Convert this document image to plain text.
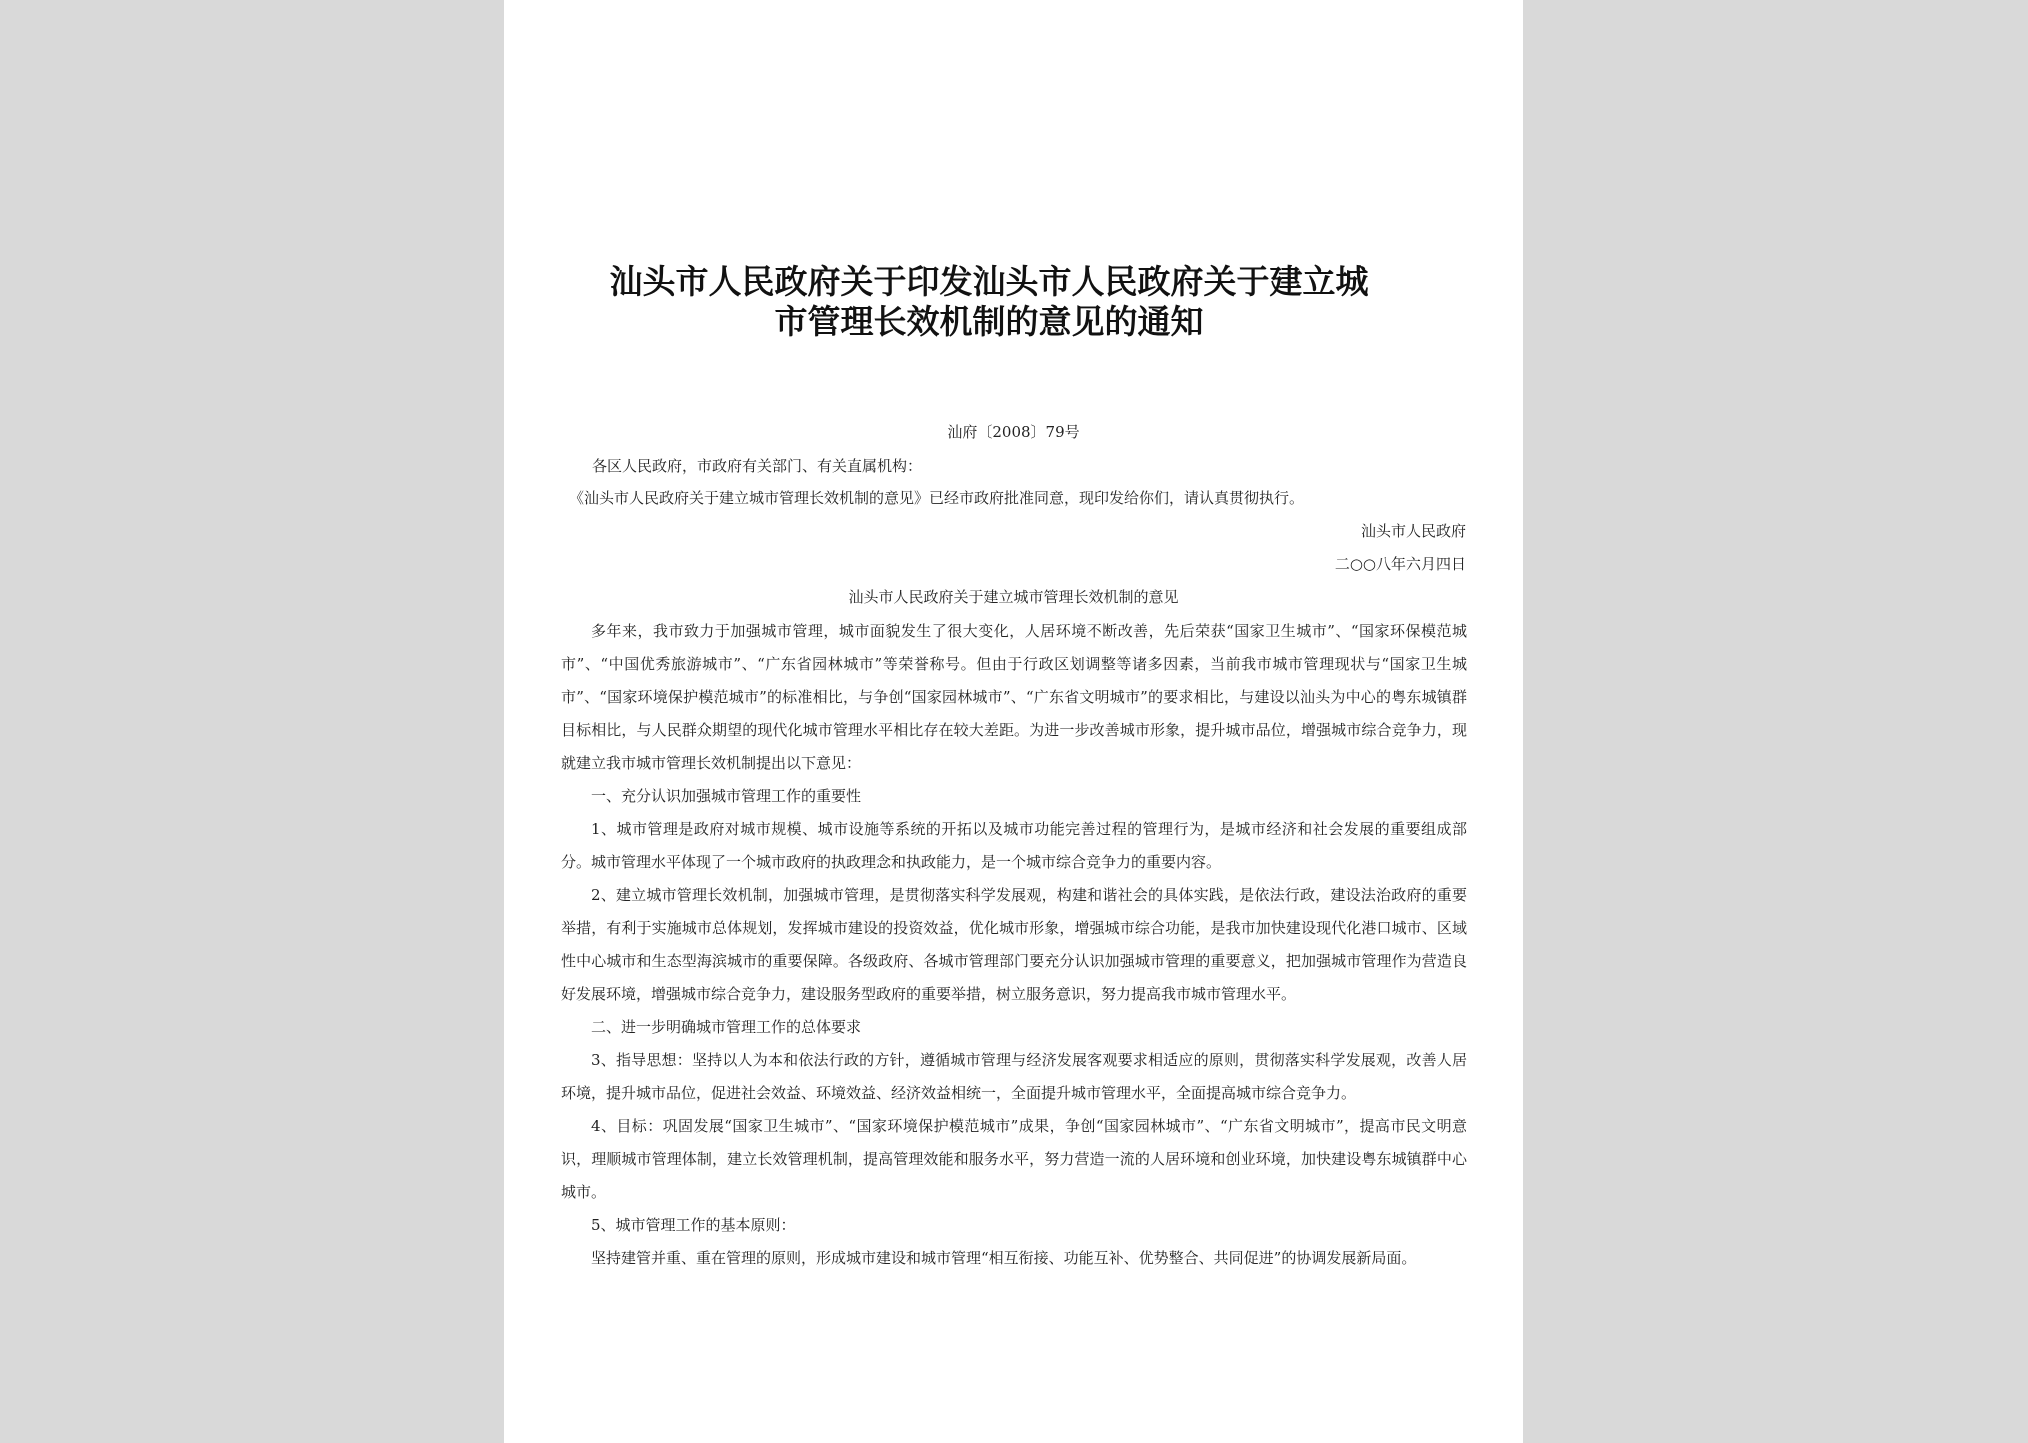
汕头市人民政府关于印发汕头市人民政府关于建立城市管理长效机制的意见的通知
汕府〔2008〕79号
各区人民政府，市政府有关部门、有关直属机构：
《汕头市人民政府关于建立城市管理长效机制的意见》已经市政府批准同意，现印发给你们，请认真贯彻执行。
汕头市人民政府
二○○八年六月四日
汕头市人民政府关于建立城市管理长效机制的意见

多年来，我市致力于加强城市管理，城市面貌发生了很大变化，人居环境不断改善，先后荣获“国家卫生城市”、“国家环保模范城市”、“中国优秀旅游城市”、“广东省园林城市”等荣誉称号。但由于行政区划调整等诸多因素，当前我市城市管理现状与“国家卫生城市”、“国家环境保护模范城市”的标准相比，与争创“国家园林城市”、“广东省文明城市”的要求相比，与建设以汕头为中心的粤东城镇群目标相比，与人民群众期望的现代化城市管理水平相比存在较大差距。为进一步改善城市形象，提升城市品位，增强城市综合竞争力，现就建立我市城市管理长效机制提出以下意见：

一、充分认识加强城市管理工作的重要性

1、城市管理是政府对城市规模、城市设施等系统的开拓以及城市功能完善过程的管理行为，是城市经济和社会发展的重要组成部分。城市管理水平体现了一个城市政府的执政理念和执政能力，是一个城市综合竞争力的重要内容。

2、建立城市管理长效机制，加强城市管理，是贯彻落实科学发展观，构建和谐社会的具体实践，是依法行政，建设法治政府的重要举措，有利于实施城市总体规划，发挥城市建设的投资效益，优化城市形象，增强城市综合功能，是我市加快建设现代化港口城市、区域性中心城市和生态型海滨城市的重要保障。各级政府、各城市管理部门要充分认识加强城市管理的重要意义，把加强城市管理作为营造良好发展环境，增强城市综合竞争力，建设服务型政府的重要举措，树立服务意识，努力提高我市城市管理水平。

二、进一步明确城市管理工作的总体要求

3、指导思想：坚持以人为本和依法行政的方针，遵循城市管理与经济发展客观要求相适应的原则，贯彻落实科学发展观，改善人居环境，提升城市品位，促进社会效益、环境效益、经济效益相统一，全面提升城市管理水平，全面提高城市综合竞争力。

4、目标：巩固发展“国家卫生城市”、“国家环境保护模范城市”成果，争创“国家园林城市”、“广东省文明城市”，提高市民文明意识，理顺城市管理体制，建立长效管理机制，提高管理效能和服务水平，努力营造一流的人居环境和创业环境，加快建设粤东城镇群中心城市。

5、城市管理工作的基本原则：

坚持建管并重、重在管理的原则，形成城市建设和城市管理“相互衔接、功能互补、优势整合、共同促进”的协调发展新局面。
